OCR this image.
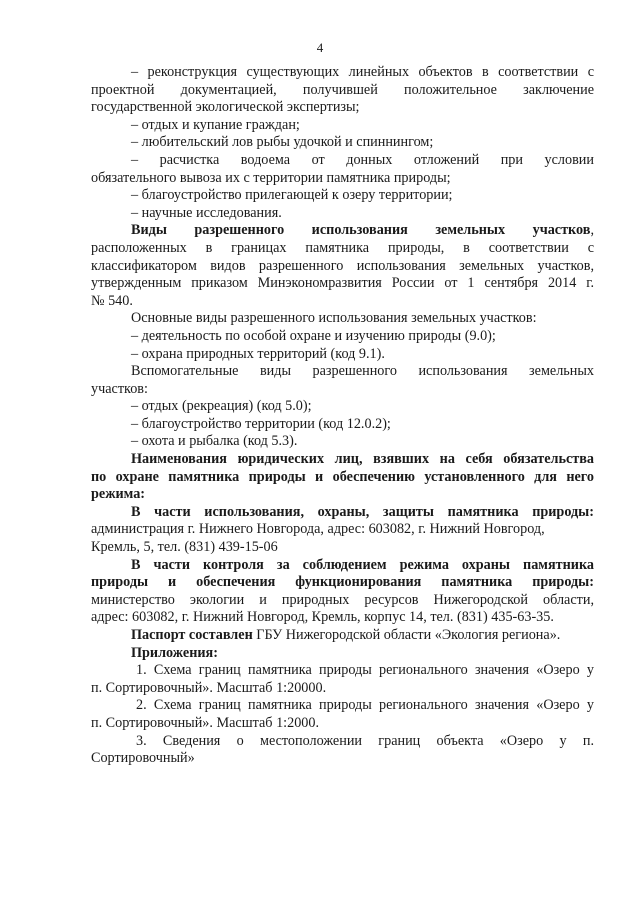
4

– реконструкция существующих линейных объектов в соответствии с

проектной документацией, получившей положительное заключение

государственной экологической экспертизы;

– отдых и купание граждан;

– любительский лов рыбы удочкой и спиннингом;

– расчистка водоема от донных отложений при условии

обязательного вывоза их с территории памятника природы;

– благоустройство прилегающей к озеру территории;

– научные исследования.

Виды разрешенного использования земельных участков,

расположенных в границах памятника природы, в соответствии с

классификатором видов разрешенного использования земельных участков,

утвержденным приказом Минэкономразвития России от 1 сентября 2014 г.

№ 540.

Основные виды разрешенного использования земельных участков:

– деятельность по особой охране и изучению природы (9.0);

– охрана природных территорий (код 9.1).

Вспомогательные виды разрешенного использования земельных

участков:

– отдых (рекреация) (код 5.0);

– благоустройство территории (код 12.0.2);

– охота и рыбалка (код 5.3).

Наименования юридических лиц, взявших на себя обязательства

по охране памятника природы и обеспечению установленного для него

режима:

В части использования, охраны, защиты памятника природы:

администрация г. Нижнего Новгорода, адрес: 603082, г. Нижний Новгород,

Кремль, 5, тел. (831) 439-15-06

В части контроля за соблюдением режима охраны памятника

природы и обеспечения функционирования памятника природы:

министерство экологии и природных ресурсов Нижегородской области,

адрес: 603082, г. Нижний Новгород, Кремль, корпус 14, тел. (831) 435-63-35.

Паспорт составлен ГБУ Нижегородской области «Экология региона».

Приложения:

1. Схема границ памятника природы регионального значения «Озеро у

п. Сортировочный». Масштаб 1:20000.

2. Схема границ памятника природы регионального значения «Озеро у

п. Сортировочный». Масштаб 1:2000.

3. Сведения о местоположении границ объекта «Озеро у п.

Сортировочный»
